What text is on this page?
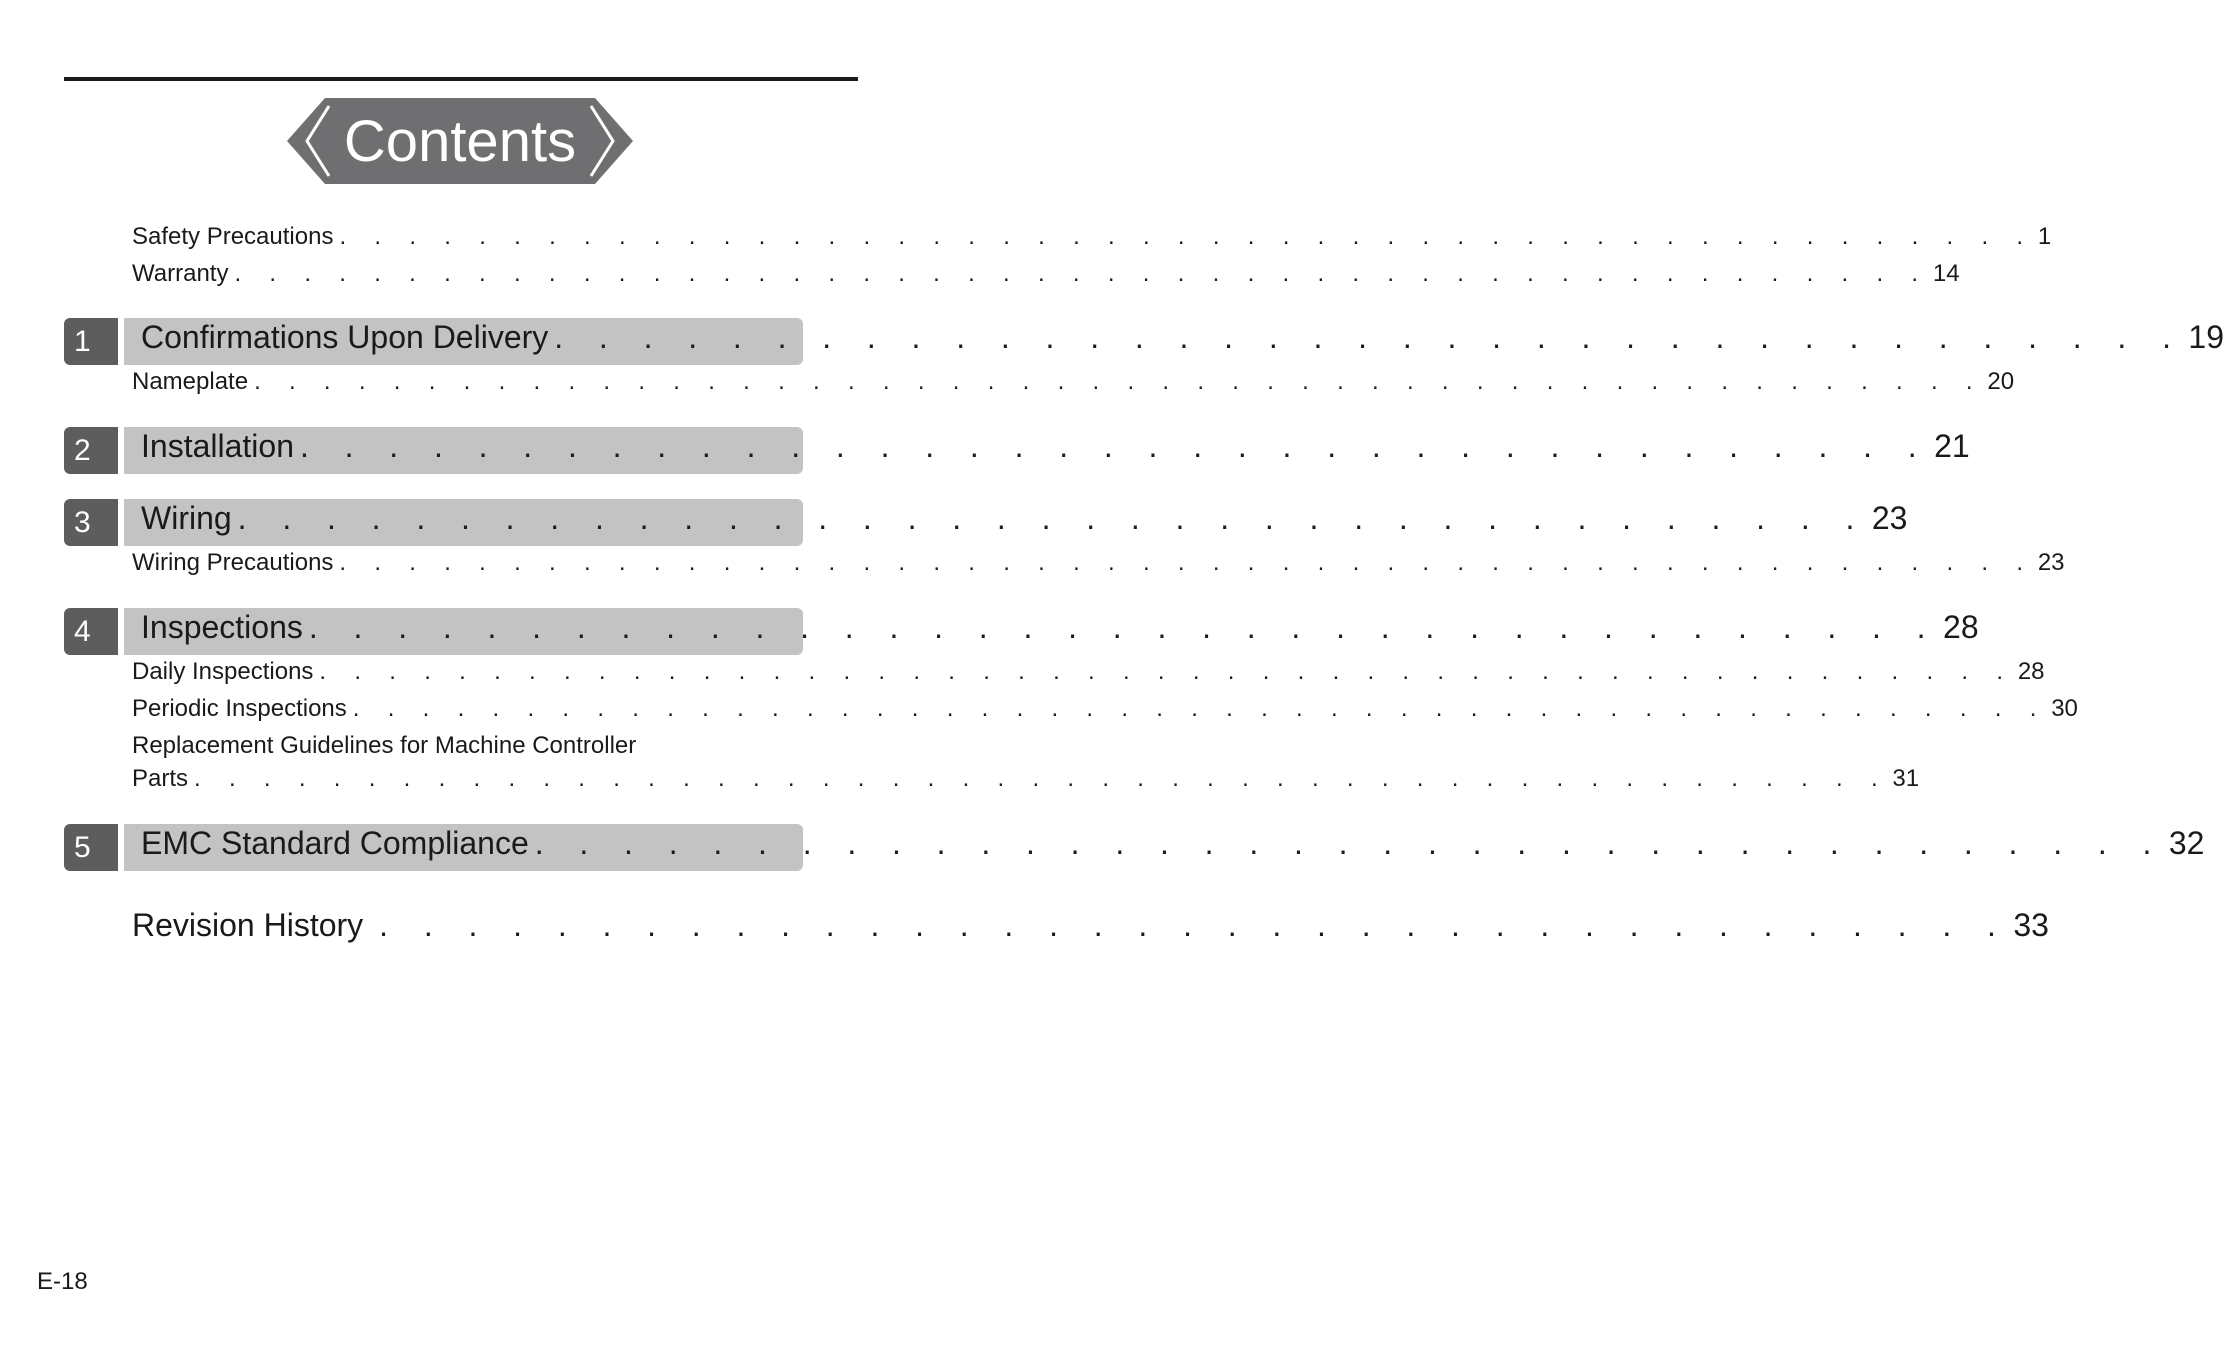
Contents
Safety Precautions . . . . . . . . . . . . . . . . . . . . . . . . . . . . . . . . . . . . . . . . . . . . . . . . . 1
Warranty . . . . . . . . . . . . . . . . . . . . . . . . . . . . . . . . . . . . . . . . . . . . . . . . . 14
1	Confirmations Upon Delivery . . . . . . . . . . . . . . . . . . . . . . . . . . . . . . . . . . . . . 19
Nameplate . . . . . . . . . . . . . . . . . . . . . . . . . . . . . . . . . . . . . . . . . . . . . . . . . . 20
2	Installation . . . . . . . . . . . . . . . . . . . . . . . . . . . . . . . . . . . . . 21
3	Wiring . . . . . . . . . . . . . . . . . . . . . . . . . . . . . . . . . . . . . 23
Wiring Precautions . . . . . . . . . . . . . . . . . . . . . . . . . . . . . . . . . . . . . . . . . . . . . . . . . 23
4	Inspections . . . . . . . . . . . . . . . . . . . . . . . . . . . . . . . . . . . . . 28
Daily Inspections . . . . . . . . . . . . . . . . . . . . . . . . . . . . . . . . . . . . . . . . . . . . . . . . . 28
Periodic Inspections . . . . . . . . . . . . . . . . . . . . . . . . . . . . . . . . . . . . . . . . . . . . . . . . . 30
Replacement Guidelines for Machine Controller
Parts . . . . . . . . . . . . . . . . . . . . . . . . . . . . . . . . . . . . . . . . . . . . . . . . . 31
5	EMC Standard Compliance . . . . . . . . . . . . . . . . . . . . . . . . . . . . . . . . . . . . . 32
Revision History . . . . . . . . . . . . . . . . . . . . . . . . . . . . . . . . . . . . . 33
E-18
